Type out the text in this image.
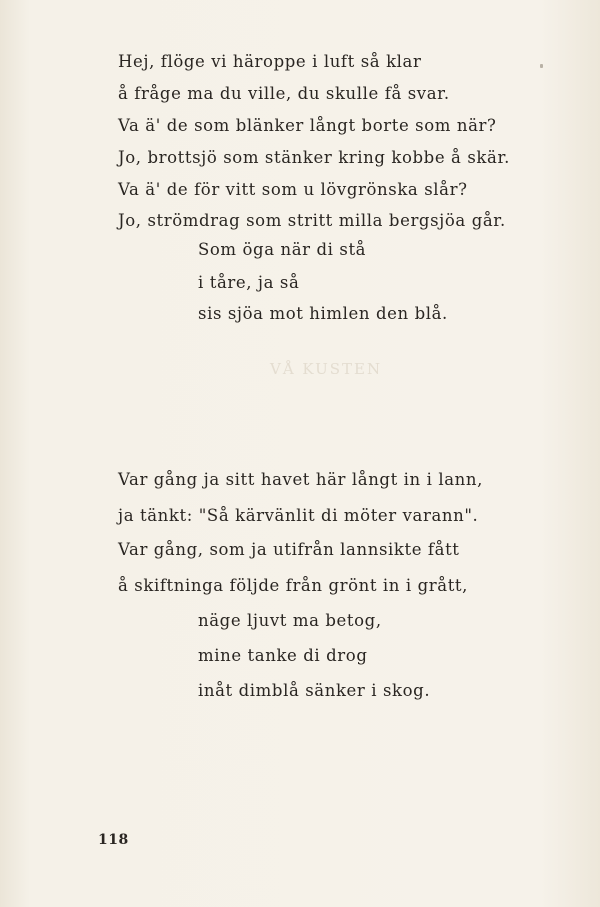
VÅ KUSTEN
Hej, flöge vi häroppe i luft så klar
å fråge ma du ville, du skulle få svar.
Va ä' de som blänker långt borte som när?
Jo, brottsjö som stänker kring kobbe å skär.
Va ä' de för vitt som u lövgrönska slår?
Jo, strömdrag som stritt milla bergsjöa går.
Som öga när di stå
i tåre, ja så
sis sjöa mot himlen den blå.
Var gång ja sitt havet här långt in i lann,
ja tänkt: "Så kärvänlit di möter varann".
Var gång, som ja utifrån lannsikte fått
å skiftninga följde från grönt in i grått,
näge ljuvt ma betog,
mine tanke di drog
inåt dimblå sänker i skog.
118
